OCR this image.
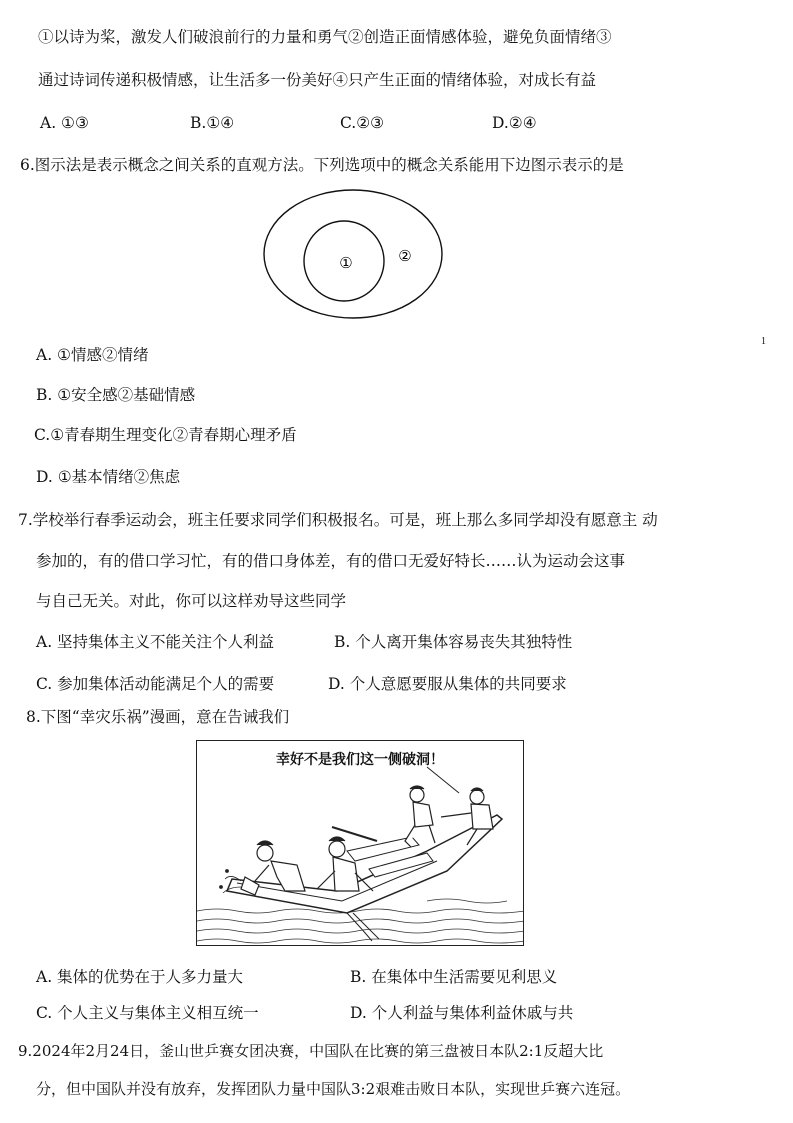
①以诗为桨，激发人们破浪前行的力量和勇气②创造正面情感体验，避免负面情绪③
通过诗词传递积极情感，让生活多一份美好④只产生正面的情绪体验，对成长有益
A. ①③	B.①④	C.②③	D.②④
6.图示法是表示概念之间关系的直观方法。下列选项中的概念关系能用下边图示表示的是
①	②
A. ①情感②情绪
B. ①安全感②基础情感
C.①青春期生理变化②青春期心理矛盾
D. ①基本情绪②焦虑
1
7.学校举行春季运动会，班主任要求同学们积极报名。可是，班上那么多同学却没有愿意主 动
参加的，有的借口学习忙，有的借口身体差，有的借口无爱好特长……认为运动会这事
与自己无关。对此，你可以这样劝导这些同学
A. 坚持集体主义不能关注个人利益	B. 个人离开集体容易丧失其独特性
C. 参加集体活动能满足个人的需要	D. 个人意愿要服从集体的共同要求
8.下图“幸灾乐祸”漫画，意在告诫我们
幸好不是我们这一侧破洞！
A. 集体的优势在于人多力量大	B. 在集体中生活需要见利思义
C. 个人主义与集体主义相互统一	D. 个人利益与集体利益休戚与共
9.2024年2月24日，釜山世乒赛女团决赛，中国队在比赛的第三盘被日本队2:1反超大比
分，但中国队并没有放弃，发挥团队力量中国队3:2艰难击败日本队，实现世乒赛六连冠。
